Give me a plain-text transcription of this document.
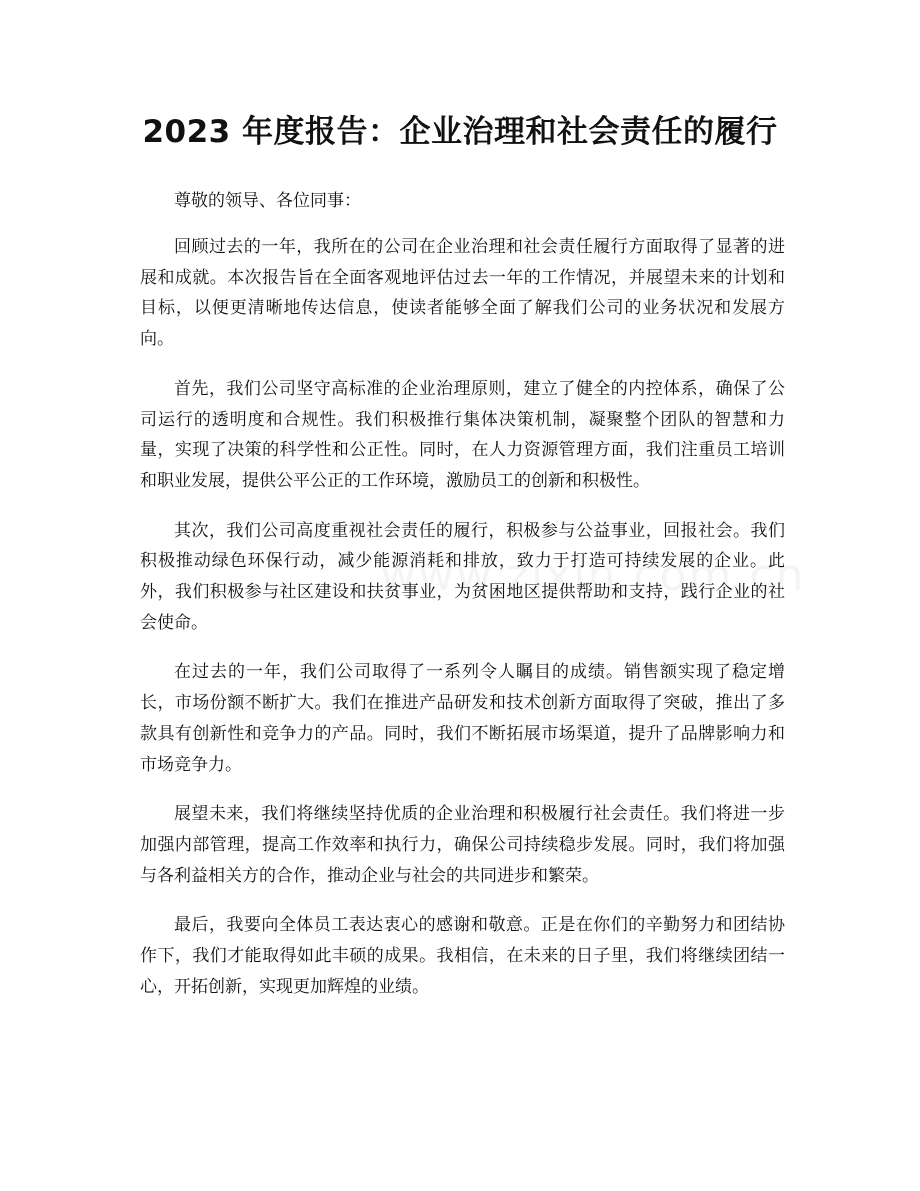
2023 年度报告：企业治理和社会责任的履行

尊敬的领导、各位同事：

回顾过去的一年，我所在的公司在企业治理和社会责任履行方面取得了显著的进展和成就。本次报告旨在全面客观地评估过去一年的工作情况，并展望未来的计划和目标，以便更清晰地传达信息，使读者能够全面了解我们公司的业务状况和发展方向。

首先，我们公司坚守高标准的企业治理原则，建立了健全的内控体系，确保了公司运行的透明度和合规性。我们积极推行集体决策机制，凝聚整个团队的智慧和力量，实现了决策的科学性和公正性。同时，在人力资源管理方面，我们注重员工培训和职业发展，提供公平公正的工作环境，激励员工的创新和积极性。

其次，我们公司高度重视社会责任的履行，积极参与公益事业，回报社会。我们积极推动绿色环保行动，减少能源消耗和排放，致力于打造可持续发展的企业。此外，我们积极参与社区建设和扶贫事业，为贫困地区提供帮助和支持，践行企业的社会使命。

在过去的一年，我们公司取得了一系列令人瞩目的成绩。销售额实现了稳定增长，市场份额不断扩大。我们在推进产品研发和技术创新方面取得了突破，推出了多款具有创新性和竞争力的产品。同时，我们不断拓展市场渠道，提升了品牌影响力和市场竞争力。

展望未来，我们将继续坚持优质的企业治理和积极履行社会责任。我们将进一步加强内部管理，提高工作效率和执行力，确保公司持续稳步发展。同时，我们将加强与各利益相关方的合作，推动企业与社会的共同进步和繁荣。

最后，我要向全体员工表达衷心的感谢和敬意。正是在你们的辛勤努力和团结协作下，我们才能取得如此丰硕的成果。我相信，在未来的日子里，我们将继续团结一心，开拓创新，实现更加辉煌的业绩。
